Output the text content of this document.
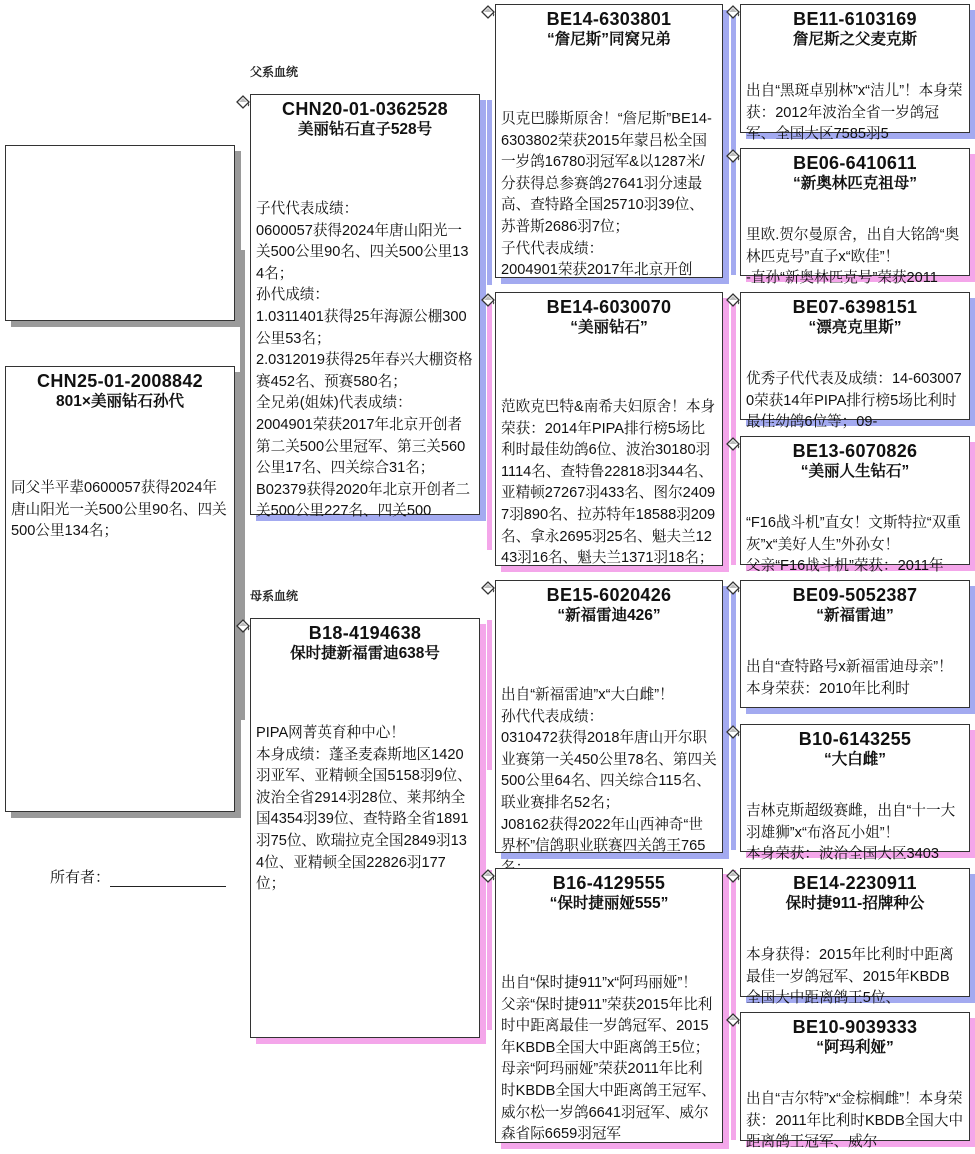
CHN25-01-2008842
801×美丽钻石孙代
同父半平辈0600057获得2024年唐山阳光一关500公里90名、四关500公里134名；
所有者：
父系血统
母系血统
CHN20-01-0362528
美丽钻石直子528号
子代代表成绩：
0600057获得2024年唐山阳光一关500公里90名、四关500公里134名；
孙代成绩：
1.0311401获得25年海源公棚300公里53名；
2.0312019获得25年春兴大棚资格赛452名、预赛580名；
全兄弟(姐妹)代表成绩：
2004901荣获2017年北京开创者第二关500公里冠军、第三关560公里17名、四关综合31名；
B02379获得2020年北京开创者二关500公里227名、四关500
B18-4194638
保时捷新福雷迪638号
PIPA网菁英育种中心！
本身成绩：蓬圣麦森斯地区1420羽亚军、亚精顿全国5158羽9位、波治全省2914羽28位、莱邦纳全国4354羽39位、查特路全省1891羽75位、欧瑞拉克全国2849羽134位、亚精顿全国22826羽177位；
BE14-6303801
“詹尼斯”同窝兄弟
贝克巴滕斯原舍！“詹尼斯”BE14-6303802荣获2015年蒙吕松全国一岁鸽16780羽冠军&以1287米/分获得总参赛鸽27641羽分速最高、查特路全国25710羽39位、苏普斯2686羽7位；
子代代表成绩：
2004901荣获2017年北京开创
BE14-6030070
“美丽钻石”
范欧克巴特&南希夫妇原舍！本身荣获：2014年PIPA排行榜5场比利时最佳幼鸽6位、波治30180羽1114名、查特鲁22818羽344名、亚精顿27267羽433名、图尔24097羽890名、拉苏特年18588羽209名、拿永2695羽25名、魁夫兰1243羽16名、魁夫兰1371羽18名；
BE15-6020426
“新福雷迪426”
出自“新福雷迪”x“大白雌”！
孙代代表成绩：
0310472获得2018年唐山开尔职业赛第一关450公里78名、第四关500公里64名、四关综合115名、联业赛排名52名；
J08162获得2022年山西神奇“世界杯”信鸽职业联赛四关鸽王765
B16-4129555
“保时捷丽娅555”
出自“保时捷911”x“阿玛丽娅”！
父亲“保时捷911”荣获2015年比利时中距离最佳一岁鸽冠军、2015年KBDB全国大中距离鸽王5位； 母亲“阿玛丽娅”荣获2011年比利时KBDB全国大中距离鸽王冠军、威尔松一岁鸽6641羽冠军、威尔森省际6659羽冠军
BE11-6103169
詹尼斯之父麦克斯
出自“黑斑卓别林”x“洁儿”！本身荣获：2012年波治全省一岁鸽冠军、全国大区7585羽5
BE06-6410611
“新奥林匹克祖母”
里欧.贺尔曼原舍，出自大铭鸽“奥林匹克号”直子x“欧佳”！
-直孙“新奥林匹克号”荣获2011
BE07-6398151
“漂亮克里斯”
优秀子代代表及成绩：14-6030070荣获14年PIPA排行榜5场比利时最佳幼鸽6位等；09-
BE13-6070826
“美丽人生钻石”
“F16战斗机”直女！文斯特拉“双重灰”x“美好人生”外孙女！
父亲“F16战斗机”荣获：2011年
BE09-5052387
“新福雷迪”
出自“查特路号x新福雷迪母亲”！
本身荣获：2010年比利时
B10-6143255
“大白雌”
吉林克斯超级赛雌，出自“十一大羽雄狮”x“布洛瓦小姐”！
本身荣获：波治全国大区3403
BE14-2230911
保时捷911-招牌种公
本身获得：2015年比利时中距离最佳一岁鸽冠军、2015年KBDB全国大中距离鸽王5位、
BE10-9039333
“阿玛利娅”
出自“吉尔特”x“金棕榈雌”！本身荣获：2011年比利时KBDB全国大中距离鸽王冠军、威尔
